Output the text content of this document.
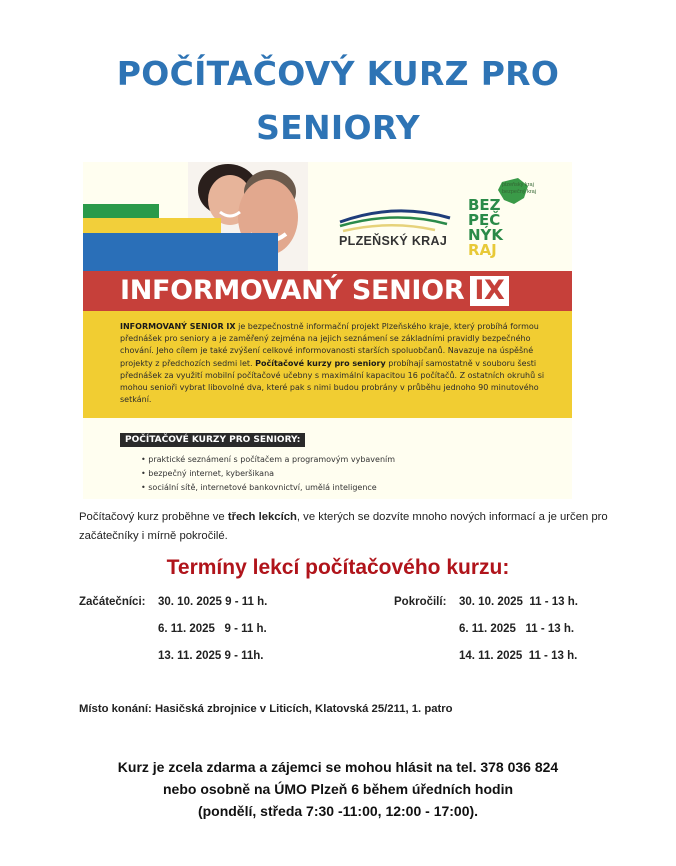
POČÍTAČOVÝ KURZ PRO
SENIORY
PLZEŇSKÝ KRAJ
plzeňský kraj
bezpečný kraj
BEZ
PEČ
NÝK
RAJ
INFORMOVANÝ SENIOR IX
INFORMOVANÝ SENIOR IX je bezpečnostně informační projekt Plzeňského kraje, který probíhá formou přednášek pro seniory a je zaměřený zejména na jejich seznámení se základními pravidly bezpečného chování. Jeho cílem je také zvýšení celkové informovanosti starších spoluobčanů. Navazuje na úspěšné projekty z předchozích sedmi let. Počítačové kurzy pro seniory probíhají samostatně v souboru šesti přednášek za využití mobilní počítačové učebny s maximální kapacitou 16 počítačů. Z ostatních okruhů si mohou senioři vybrat libovolné dva, které pak s nimi budou probrány v průběhu jednoho 90 minutového setkání.
POČÍTAČOVÉ KURZY PRO SENIORY:
• praktické seznámení s počítačem a programovým vybavením
• bezpečný internet, kyberšikana
• sociální sítě, internetové bankovnictví, umělá inteligence
Počítačový kurz proběhne ve třech lekcích, ve kterých se dozvíte mnoho nových informací a je určen pro začátečníky i mírně pokročilé.
Termíny lekcí počítačového kurzu:
Začátečníci: 30. 10. 2025 9 - 11 h.
6. 11. 2025   9 - 11 h.
13. 11. 2025 9 - 11h.
Pokročilí: 30. 10. 2025  11 - 13 h.
6. 11. 2025   11 - 13 h.
14. 11. 2025  11 - 13 h.
Místo konání: Hasičská zbrojnice v Liticích, Klatovská 25/211, 1. patro
Kurz je zcela zdarma a zájemci se mohou hlásit na tel. 378 036 824
nebo osobně na ÚMO Plzeň 6 během úředních hodin
(pondělí, středa 7:30 -11:00, 12:00 - 17:00).
